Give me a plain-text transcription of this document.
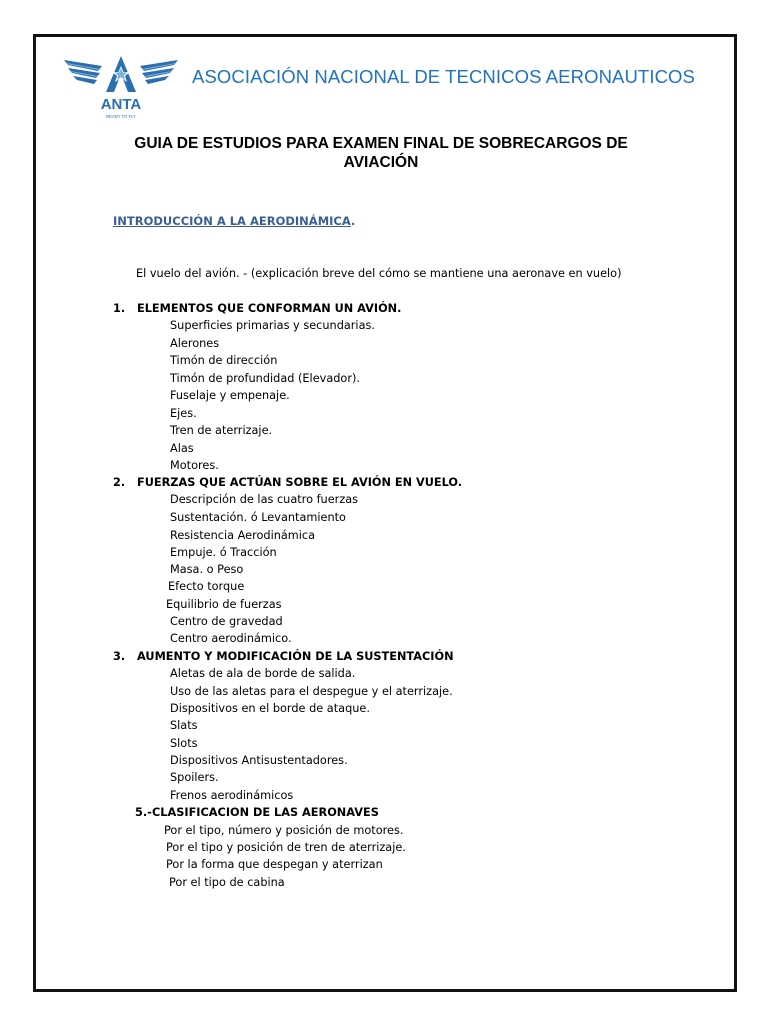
ANTA
READY TO FLY
ASOCIACIÓN NACIONAL DE TECNICOS AERONAUTICOS
GUIA DE ESTUDIOS PARA EXAMEN FINAL DE SOBRECARGOS DE
AVIACIÓN
INTRODUCCIÓN A LA AERODINÁMICA.
El vuelo del avión. - (explicación breve del cómo se mantiene una aeronave en vuelo)
1. ELEMENTOS QUE CONFORMAN UN AVIÓN.
Superficies primarias y secundarias.
Alerones
Timón de dirección
Timón de profundidad (Elevador).
Fuselaje y empenaje.
Ejes.
Tren de aterrizaje.
Alas
Motores.
2. FUERZAS QUE ACTÚAN SOBRE EL AVIÓN EN VUELO.
Descripción de las cuatro fuerzas
Sustentación. ó Levantamiento
Resistencia Aerodinámica
Empuje. ó Tracción
Masa. o Peso
Efecto torque
Equilibrio de fuerzas
Centro de gravedad
Centro aerodinámico.
3. AUMENTO Y MODIFICACIÓN DE LA SUSTENTACIÓN
Aletas de ala de borde de salida.
Uso de las aletas para el despegue y el aterrizaje.
Dispositivos en el borde de ataque.
Slats
Slots
Dispositivos Antisustentadores.
Spoilers.
Frenos aerodinámicos
5.- CLASIFICACION DE LAS AERONAVES
Por el tipo, número y posición de motores.
Por el tipo y posición de tren de aterrizaje.
Por la forma que despegan y aterrizan
Por el tipo de cabina
